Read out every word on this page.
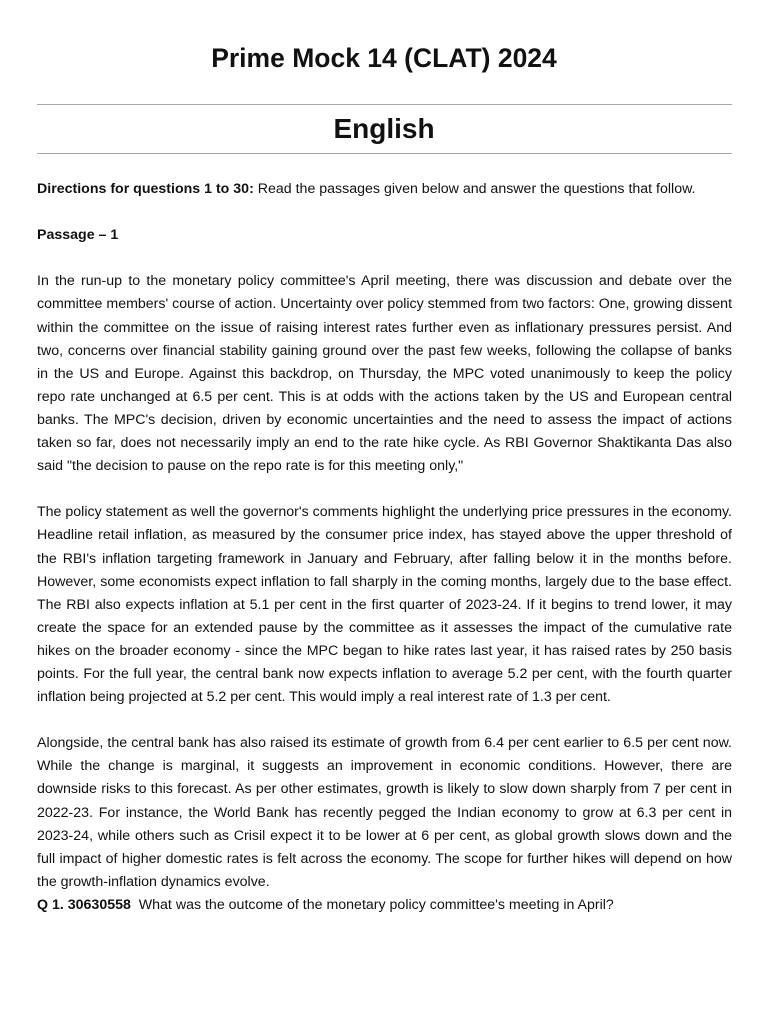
Prime Mock 14 (CLAT) 2024
English

Directions for questions 1 to 30: Read the passages given below and answer the questions that follow.

Passage – 1

In the run-up to the monetary policy committee's April meeting, there was discussion and debate over the committee members' course of action. Uncertainty over policy stemmed from two factors: One, growing dissent within the committee on the issue of raising interest rates further even as inflationary pressures persist. And two, concerns over financial stability gaining ground over the past few weeks, following the collapse of banks in the US and Europe. Against this backdrop, on Thursday, the MPC voted unanimously to keep the policy repo rate unchanged at 6.5 per cent. This is at odds with the actions taken by the US and European central banks. The MPC's decision, driven by economic uncertainties and the need to assess the impact of actions taken so far, does not necessarily imply an end to the rate hike cycle. As RBI Governor Shaktikanta Das also said "the decision to pause on the repo rate is for this meeting only,"

The policy statement as well the governor's comments highlight the underlying price pressures in the economy. Headline retail inflation, as measured by the consumer price index, has stayed above the upper threshold of the RBI's inflation targeting framework in January and February, after falling below it in the months before. However, some economists expect inflation to fall sharply in the coming months, largely due to the base effect. The RBI also expects inflation at 5.1 per cent in the first quarter of 2023-24. If it begins to trend lower, it may create the space for an extended pause by the committee as it assesses the impact of the cumulative rate hikes on the broader economy - since the MPC began to hike rates last year, it has raised rates by 250 basis points. For the full year, the central bank now expects inflation to average 5.2 per cent, with the fourth quarter inflation being projected at 5.2 per cent. This would imply a real interest rate of 1.3 per cent.

Alongside, the central bank has also raised its estimate of growth from 6.4 per cent earlier to 6.5 per cent now. While the change is marginal, it suggests an improvement in economic conditions. However, there are downside risks to this forecast. As per other estimates, growth is likely to slow down sharply from 7 per cent in 2022-23. For instance, the World Bank has recently pegged the Indian economy to grow at 6.3 per cent in 2023-24, while others such as Crisil expect it to be lower at 6 per cent, as global growth slows down and the full impact of higher domestic rates is felt across the economy. The scope for further hikes will depend on how the growth-inflation dynamics evolve.

Q 1. 30630558 What was the outcome of the monetary policy committee's meeting in April?
